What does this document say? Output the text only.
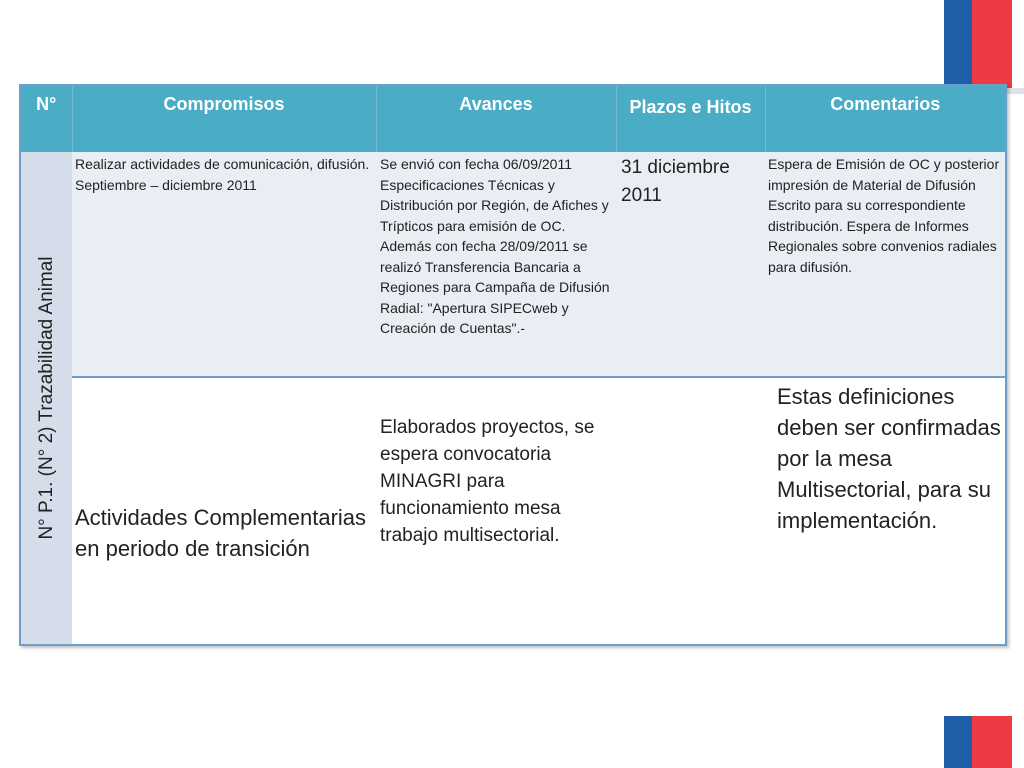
N°	Compromisos	Avances	Plazos e Hitos	Comentarios

N° P.1. (N° 2) Trazabilidad Animal	Realizar actividades de comunicación, difusión. Septiembre – diciembre 2011	Se envió con fecha 06/09/2011 Especificaciones Técnicas y Distribución por Región, de Afiches y Trípticos para emisión de OC.
Además con fecha 28/09/2011 se realizó Transferencia Bancaria a Regiones para Campaña de Difusión Radial: "Apertura SIPECweb y Creación de Cuentas".-	31 diciembre 2011	Espera de Emisión de OC y posterior impresión de Material de Difusión Escrito para su correspondiente distribución. Espera de Informes Regionales sobre convenios radiales para difusión.
	Actividades Complementarias en periodo de transición	Elaborados proyectos, se espera convocatoria MINAGRI para funcionamiento mesa trabajo multisectorial.		Estas definiciones deben ser confirmadas por la mesa Multisectorial, para su implementación.
